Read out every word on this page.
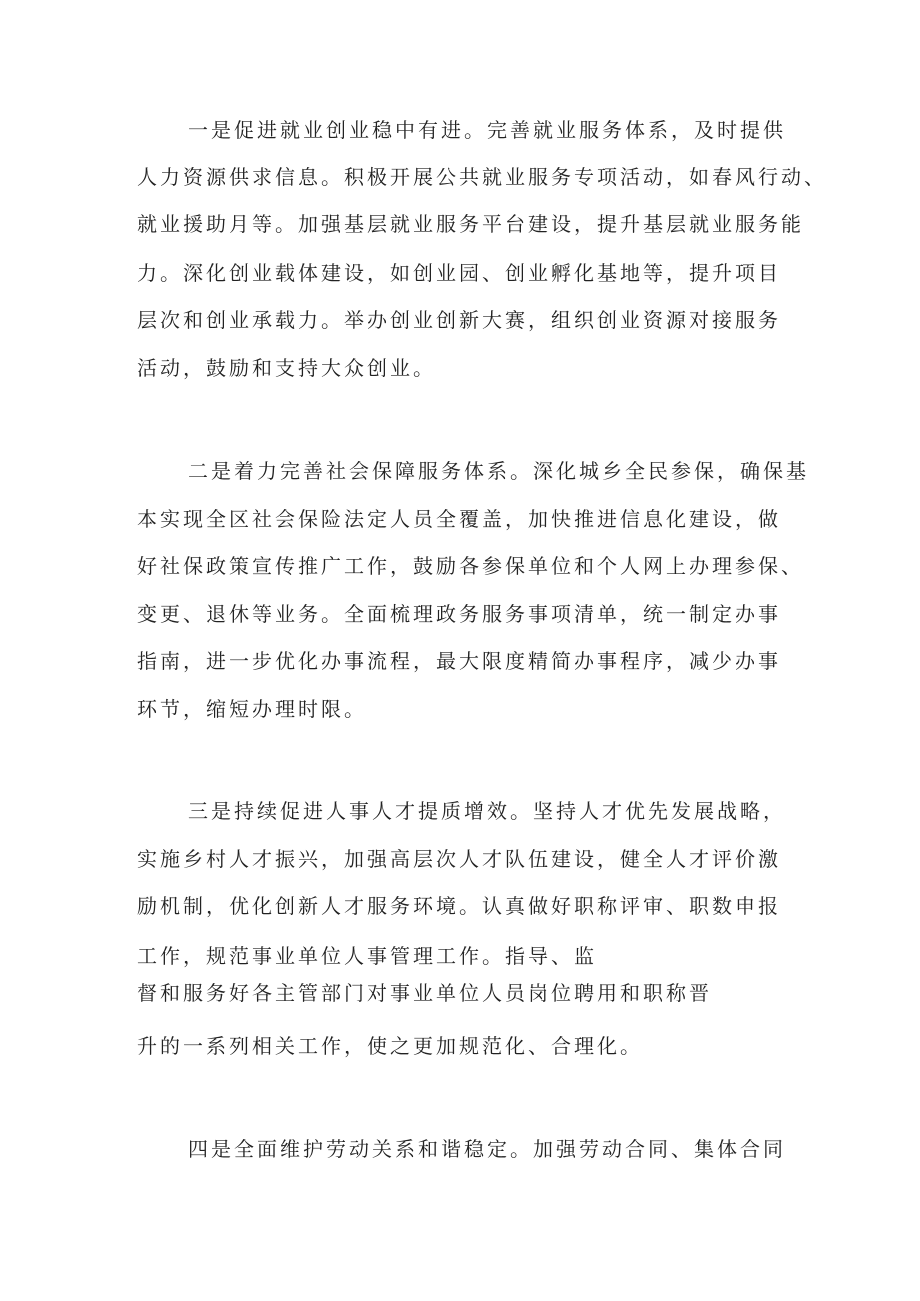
一是促进就业创业稳中有进。完善就业服务体系，及时提供
人力资源供求信息。积极开展公共就业服务专项活动，如春风行动、
就业援助月等。加强基层就业服务平台建设，提升基层就业服务能
力。深化创业载体建设，如创业园、创业孵化基地等，提升项目
层次和创业承载力。举办创业创新大赛，组织创业资源对接服务
活动，鼓励和支持大众创业。
二是着力完善社会保障服务体系。深化城乡全民参保，确保基
本实现全区社会保险法定人员全覆盖，加快推进信息化建设，做
好社保政策宣传推广工作，鼓励各参保单位和个人网上办理参保、
变更、退休等业务。全面梳理政务服务事项清单，统一制定办事
指南，进一步优化办事流程，最大限度精简办事程序，减少办事
环节，缩短办理时限。
三是持续促进人事人才提质增效。坚持人才优先发展战略，
实施乡村人才振兴，加强高层次人才队伍建设，健全人才评价激
励机制，优化创新人才服务环境。认真做好职称评审、职数申报
工作，规范事业单位人事管理工作。指导、监
督和服务好各主管部门对事业单位人员岗位聘用和职称晋
升的一系列相关工作，使之更加规范化、合理化。
四是全面维护劳动关系和谐稳定。加强劳动合同、集体合同
